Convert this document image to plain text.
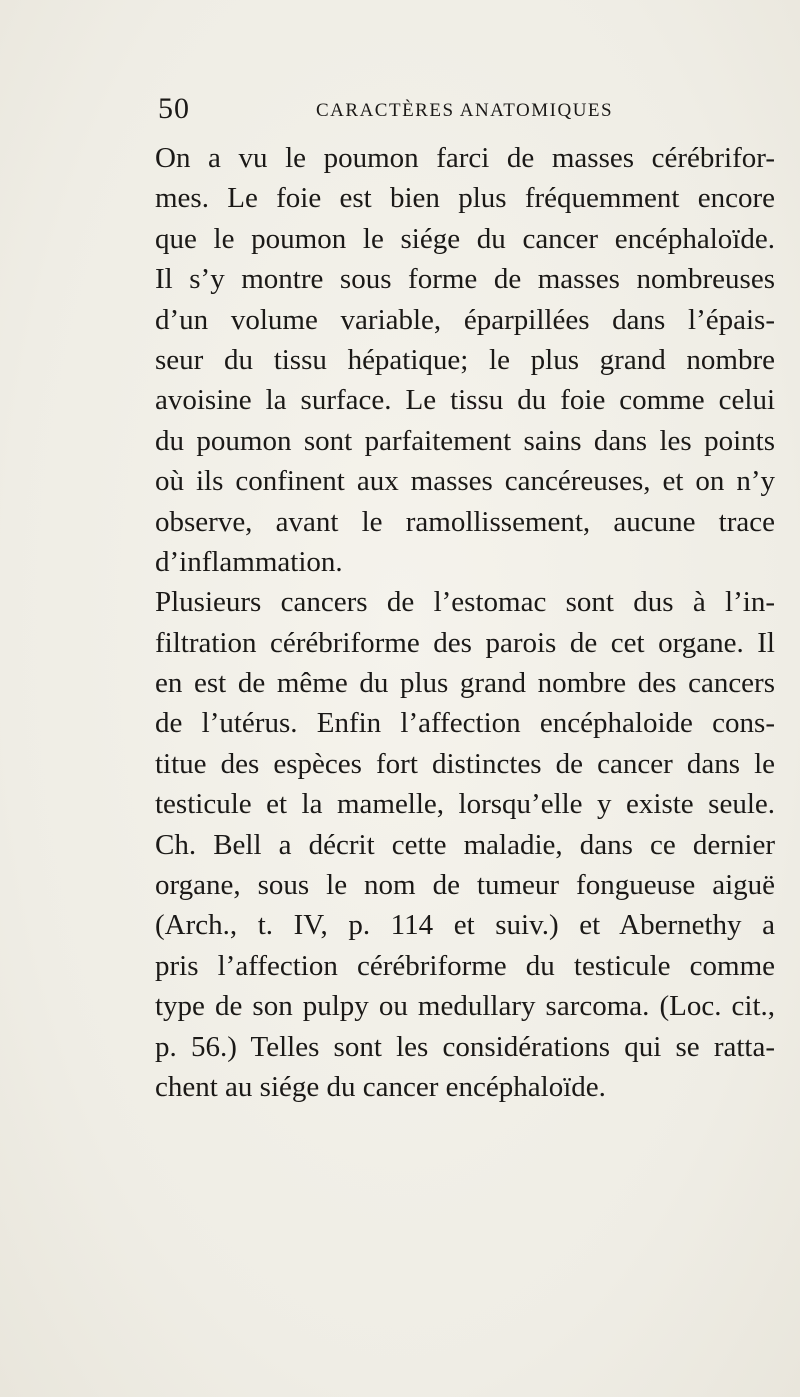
50	CARACTÈRES ANATOMIQUES
On a vu le poumon farci de masses cérébrifor-
mes. Le foie est bien plus fréquemment encore
que le poumon le siége du cancer encéphaloïde.
Il s’y montre sous forme de masses nombreuses
d’un volume variable, éparpillées dans l’épais-
seur du tissu hépatique; le plus grand nombre
avoisine la surface. Le tissu du foie comme celui
du poumon sont parfaitement sains dans les points
où ils confinent aux masses cancéreuses, et on n’y
observe, avant le ramollissement, aucune trace
d’inflammation.
Plusieurs cancers de l’estomac sont dus à l’in-
filtration cérébriforme des parois de cet organe. Il
en est de même du plus grand nombre des cancers
de l’utérus. Enfin l’affection encéphaloide cons-
titue des espèces fort distinctes de cancer dans le
testicule et la mamelle, lorsqu’elle y existe seule.
Ch. Bell a décrit cette maladie, dans ce dernier
organe, sous le nom de tumeur fongueuse aiguë
(Arch., t. IV, p. 114 et suiv.) et Abernethy a
pris l’affection cérébriforme du testicule comme
type de son pulpy ou medullary sarcoma. (Loc. cit.,
p. 56.) Telles sont les considérations qui se ratta-
chent au siége du cancer encéphaloïde.
